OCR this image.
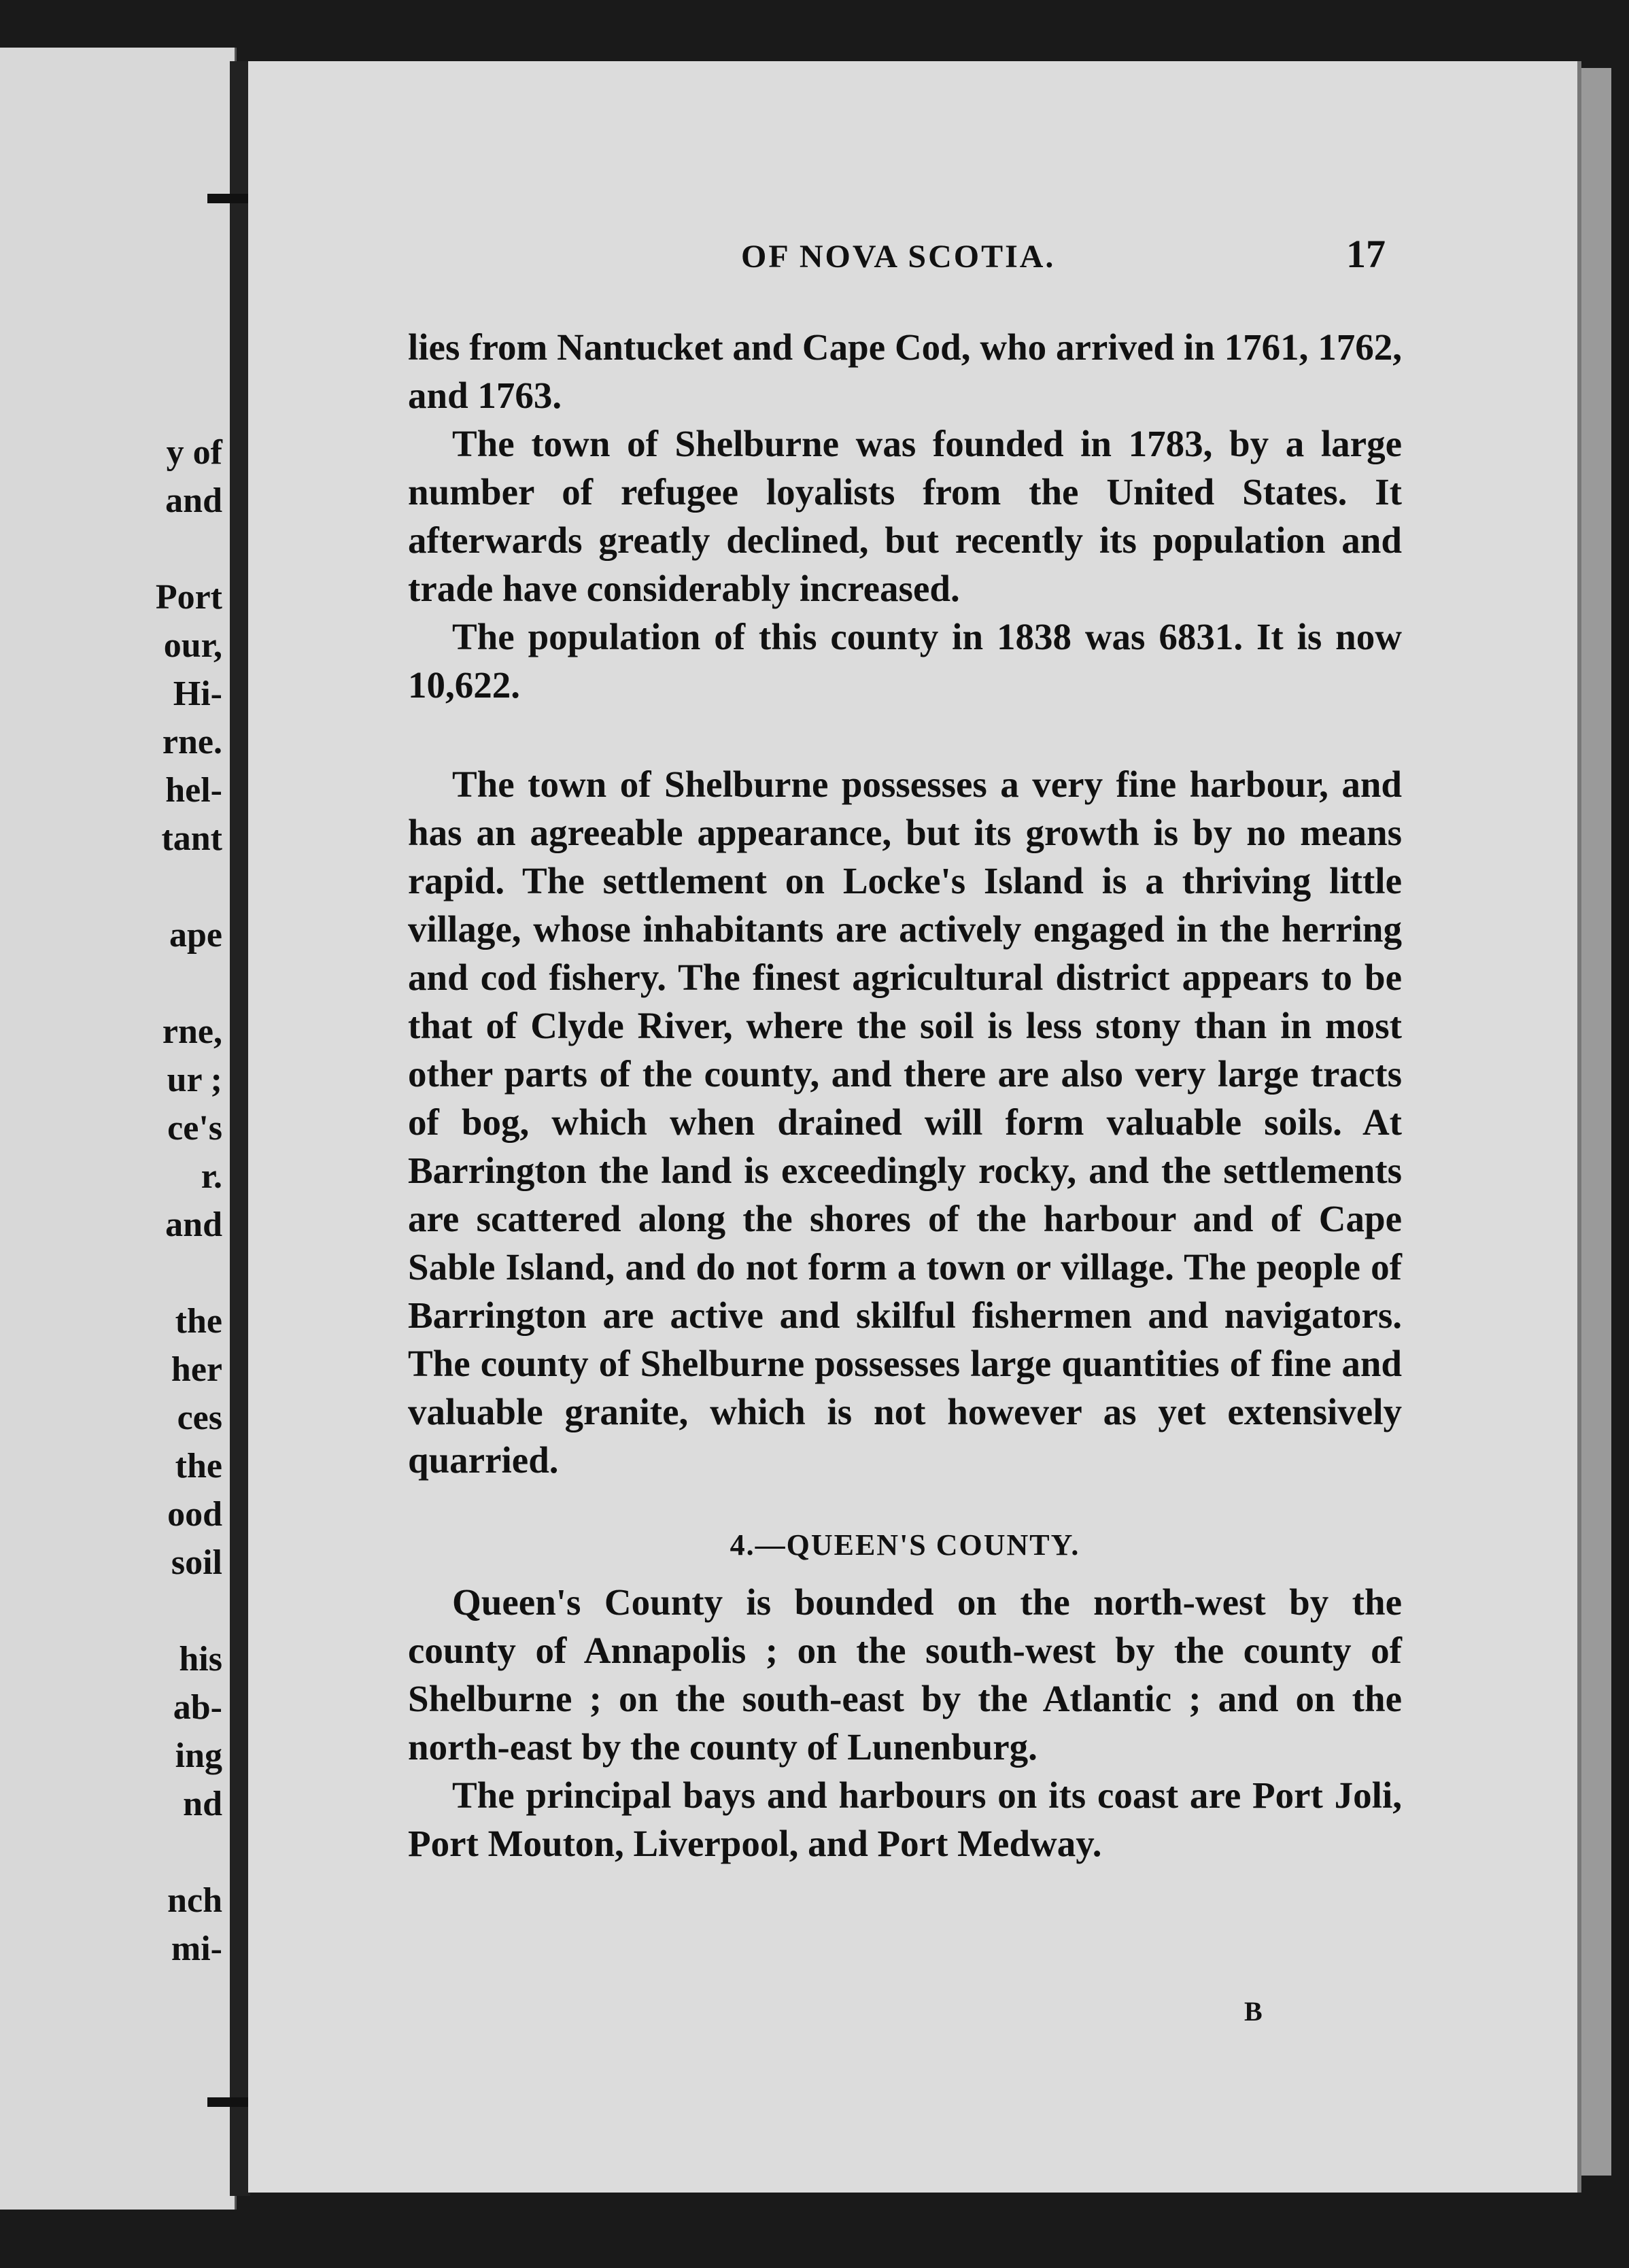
y of
and

Port
our,
Hi-
rne.
hel-
tant

ape

rne,
ur ;
ce's
r.
and

the
her
ces
the
ood
soil

his
ab-
ing
nd

nch
mi-
OF NOVA SCOTIA.	17

lies from Nantucket and Cape Cod, who arrived in 1761, 1762, and 1763.

The town of Shelburne was founded in 1783, by a large number of refugee loyalists from the United States. It afterwards greatly declined, but recently its population and trade have considerably increased.

The population of this county in 1838 was 6831. It is now 10,622.

The town of Shelburne possesses a very fine harbour, and has an agreeable appearance, but its growth is by no means rapid. The settlement on Locke's Island is a thriving little village, whose inhabitants are actively engaged in the herring and cod fishery. The finest agricultural district appears to be that of Clyde River, where the soil is less stony than in most other parts of the county, and there are also very large tracts of bog, which when drained will form valuable soils. At Barrington the land is exceedingly rocky, and the settlements are scattered along the shores of the harbour and of Cape Sable Island, and do not form a town or village. The people of Barrington are active and skilful fishermen and navigators. The county of Shelburne possesses large quantities of fine and valuable granite, which is not however as yet extensively quarried.

4.—QUEEN'S COUNTY.

Queen's County is bounded on the north-west by the county of Annapolis ; on the south-west by the county of Shelburne ; on the south-east by the Atlantic ; and on the north-east by the county of Lunenburg.

The principal bays and harbours on its coast are Port Joli, Port Mouton, Liverpool, and Port Medway.

B
